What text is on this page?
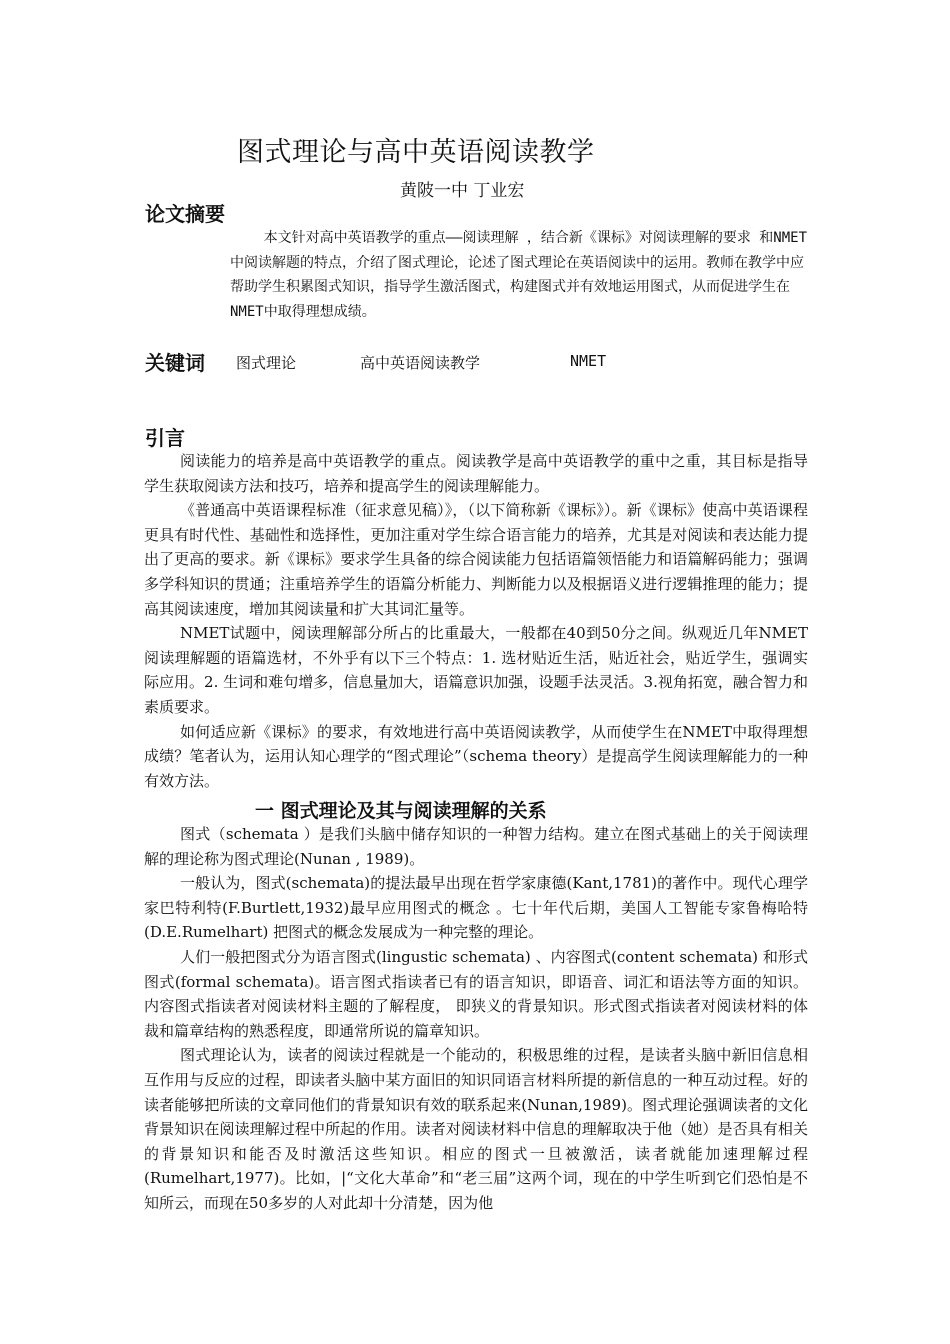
图式理论与高中英语阅读教学
黄陂一中 丁业宏
论文摘要

本文针对高中英语教学的重点——阅读理解 ，结合新《课标》对阅读理解的要求 和NMET中阅读解题的特点，介绍了图式理论，论述了图式理论在英语阅读中的运用。教师在教学中应帮助学生积累图式知识，指导学生激活图式，构建图式并有效地运用图式，从而促进学生在 NMET中取得理想成绩。

关键词 图式理论	高中英语阅读教学	NMET
引言

阅读能力的培养是高中英语教学的重点。阅读教学是高中英语教学的重中之重，其目标是指导学生获取阅读方法和技巧，培养和提高学生的阅读理解能力。

《普通高中英语课程标准（征求意见稿）》，（以下简称新《课标》）。新《课标》使高中英语课程更具有时代性、基础性和选择性，更加注重对学生综合语言能力的培养，尤其是对阅读和表达能力提出了更高的要求。新《课标》要求学生具备的综合阅读能力包括语篇领悟能力和语篇解码能力；强调多学科知识的贯通；注重培养学生的语篇分析能力、判断能力以及根据语义进行逻辑推理的能力；提高其阅读速度，增加其阅读量和扩大其词汇量等。

NMET试题中，阅读理解部分所占的比重最大，一般都在40到50分之间。纵观近几年NMET阅读理解题的语篇选材，不外乎有以下三个特点：1. 选材贴近生活，贴近社会，贴近学生，强调实际应用。2. 生词和难句增多，信息量加大，语篇意识加强，设题手法灵活。3.视角拓宽，融合智力和素质要求。

如何适应新《课标》的要求，有效地进行高中英语阅读教学，从而使学生在NMET中取得理想成绩？笔者认为，运用认知心理学的“图式理论”（schema theory）是提高学生阅读理解能力的一种有效方法。

一 图式理论及其与阅读理解的关系

图式（schemata ）是我们头脑中储存知识的一种智力结构。建立在图式基础上的关于阅读理解的理论称为图式理论(Nunan , 1989)。

一般认为，图式(schemata)的提法最早出现在哲学家康德(Kant,1781)的著作中。现代心理学家巴特利特(F.Burtlett,1932)最早应用图式的概念 。七十年代后期，美国人工智能专家鲁梅哈特(D.E.Rumelhart) 把图式的概念发展成为一种完整的理论。

人们一般把图式分为语言图式(lingustic schemata) 、内容图式(content schemata) 和形式图式(formal schemata)。语言图式指读者已有的语言知识，即语音、词汇和语法等方面的知识。 内容图式指读者对阅读材料主题的了解程度， 即狭义的背景知识。形式图式指读者对阅读材料的体裁和篇章结构的熟悉程度，即通常所说的篇章知识。

图式理论认为，读者的阅读过程就是一个能动的，积极思维的过程，是读者头脑中新旧信息相互作用与反应的过程，即读者头脑中某方面旧的知识同语言材料所提的新信息的一种互动过程。好的读者能够把所读的文章同他们的背景知识有效的联系起来(Nunan,1989)。图式理论强调读者的文化背景知识在阅读理解过程中所起的作用。读者对阅读材料中信息的理解取决于他（她）是否具有相关的背景知识和能否及时激活这些知识。相应的图式一旦被激活，读者就能加速理解过程(Rumelhart,1977)。比如，|“文化大革命”和“老三届”这两个词，现在的中学生听到它们恐怕是不知所云，而现在50多岁的人对此却十分清楚，因为他
